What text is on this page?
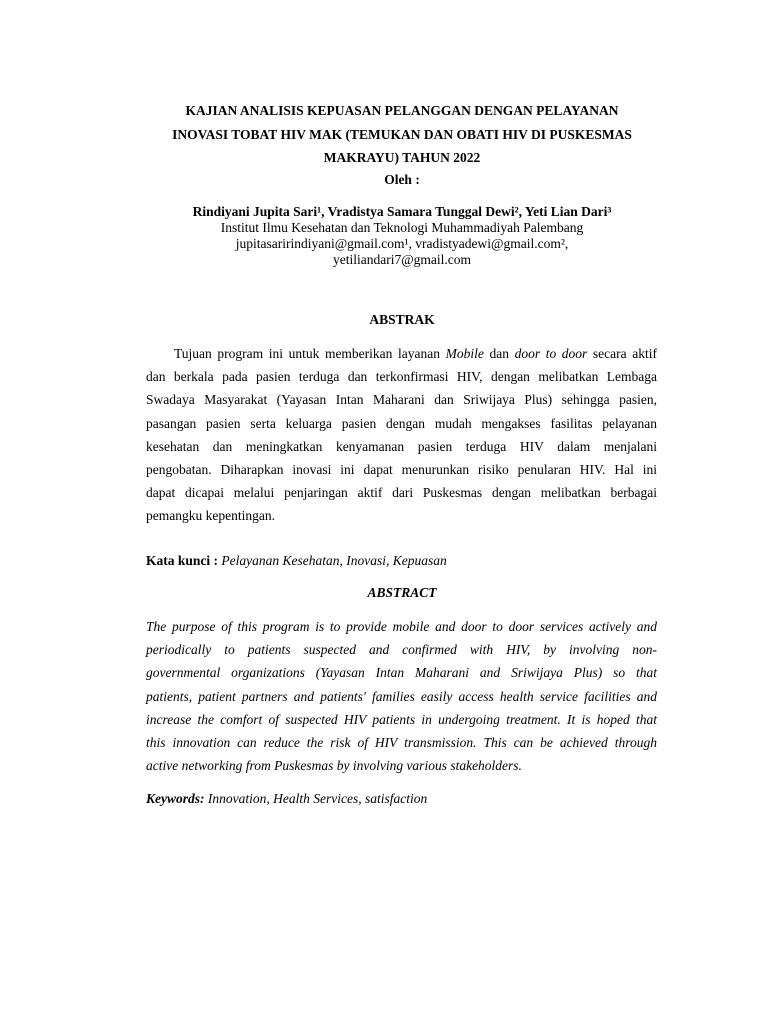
KAJIAN ANALISIS KEPUASAN PELANGGAN DENGAN PELAYANAN
INOVASI TOBAT HIV MAK (TEMUKAN DAN OBATI HIV DI PUSKESMAS
MAKRAYU) TAHUN 2022
Oleh :
Rindiyani Jupita Sari¹, Vradistya Samara Tunggal Dewi², Yeti Lian Dari³
Institut Ilmu Kesehatan dan Teknologi Muhammadiyah Palembang
jupitasaririndiyani@gmail.com¹, vradistyadewi@gmail.com²,
yetiliandari7@gmail.com
ABSTRAK
Tujuan program ini untuk memberikan layanan Mobile dan door to door secara aktif
dan berkala pada pasien terduga dan terkonfirmasi HIV, dengan melibatkan Lembaga
Swadaya Masyarakat (Yayasan Intan Maharani dan Sriwijaya Plus) sehingga pasien,
pasangan pasien serta keluarga pasien dengan mudah mengakses fasilitas pelayanan
kesehatan dan meningkatkan kenyamanan pasien terduga HIV dalam menjalani
pengobatan. Diharapkan inovasi ini dapat menurunkan risiko penularan HIV. Hal ini
dapat dicapai melalui penjaringan aktif dari Puskesmas dengan melibatkan berbagai
pemangku kepentingan.
Kata kunci : Pelayanan Kesehatan, Inovasi, Kepuasan
ABSTRACT
The purpose of this program is to provide mobile and door to door services actively and
periodically to patients suspected and confirmed with HIV, by involving non-
governmental organizations (Yayasan Intan Maharani and Sriwijaya Plus) so that
patients, patient partners and patients' families easily access health service facilities and
increase the comfort of suspected HIV patients in undergoing treatment. It is hoped that
this innovation can reduce the risk of HIV transmission. This can be achieved through
active networking from Puskesmas by involving various stakeholders.
Keywords: Innovation, Health Services, satisfaction
